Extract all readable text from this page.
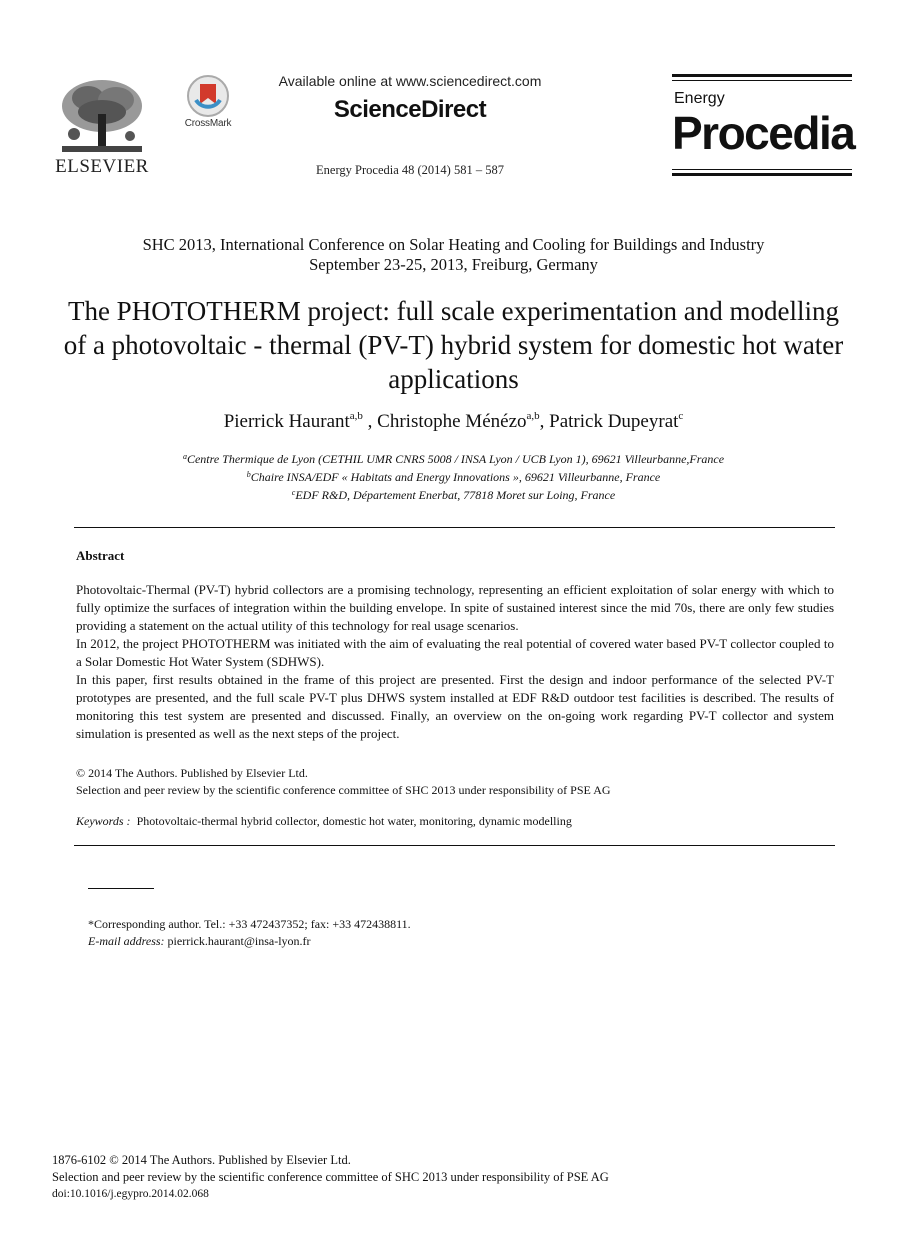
ELSEVIER
CrossMark
Available online at www.sciencedirect.com
ScienceDirect
Energy Procedia 48 (2014) 581 – 587
Energy
Procedia
SHC 2013, International Conference on Solar Heating and Cooling for Buildings and Industry
September 23-25, 2013, Freiburg, Germany
The PHOTOTHERM project: full scale experimentation and modelling of a photovoltaic - thermal (PV-T) hybrid system for domestic hot water applications
Pierrick Haurant$^{a,b}$ , Christophe Ménézo$^{a,b}$, Patrick Dupeyrat$^c$
$^a$Centre Thermique de Lyon (CETHIL UMR CNRS 5008 / INSA Lyon / UCB Lyon 1), 69621 Villeurbanne,France
$^b$Chaire INSA/EDF « Habitats and Energy Innovations », 69621 Villeurbanne, France
$^c$EDF R&D, Département Enerbat, 77818 Moret sur Loing, France
Abstract

Photovoltaic-Thermal (PV-T) hybrid collectors are a promising technology, representing an efficient exploitation of solar energy with which to fully optimize the surfaces of integration within the building envelope. In spite of sustained interest since the mid 70s, there are only few studies providing a statement on the actual utility of this technology for real usage scenarios.

In 2012, the project PHOTOTHERM was initiated with the aim of evaluating the real potential of covered water based PV-T collector coupled to a Solar Domestic Hot Water System (SDHWS).

In this paper, first results obtained in the frame of this project are presented. First the design and indoor performance of the selected PV-T prototypes are presented, and the full scale PV-T plus DHWS system installed at EDF R&D outdoor test facilities is described. The results of monitoring this test system are presented and discussed. Finally, an overview on the on-going work regarding PV-T collector and system simulation is presented as well as the next steps of the project.

© 2014 The Authors. Published by Elsevier Ltd.
Selection and peer review by the scientific conference committee of SHC 2013 under responsibility of PSE AG
Keywords : Photovoltaic-thermal hybrid collector, domestic hot water, monitoring, dynamic modelling
*Corresponding author. Tel.: +33 472437352; fax: +33 472438811.
E-mail address: pierrick.haurant@insa-lyon.fr
1876-6102 © 2014 The Authors. Published by Elsevier Ltd.
Selection and peer review by the scientific conference committee of SHC 2013 under responsibility of PSE AG
doi:10.1016/j.egypro.2014.02.068
